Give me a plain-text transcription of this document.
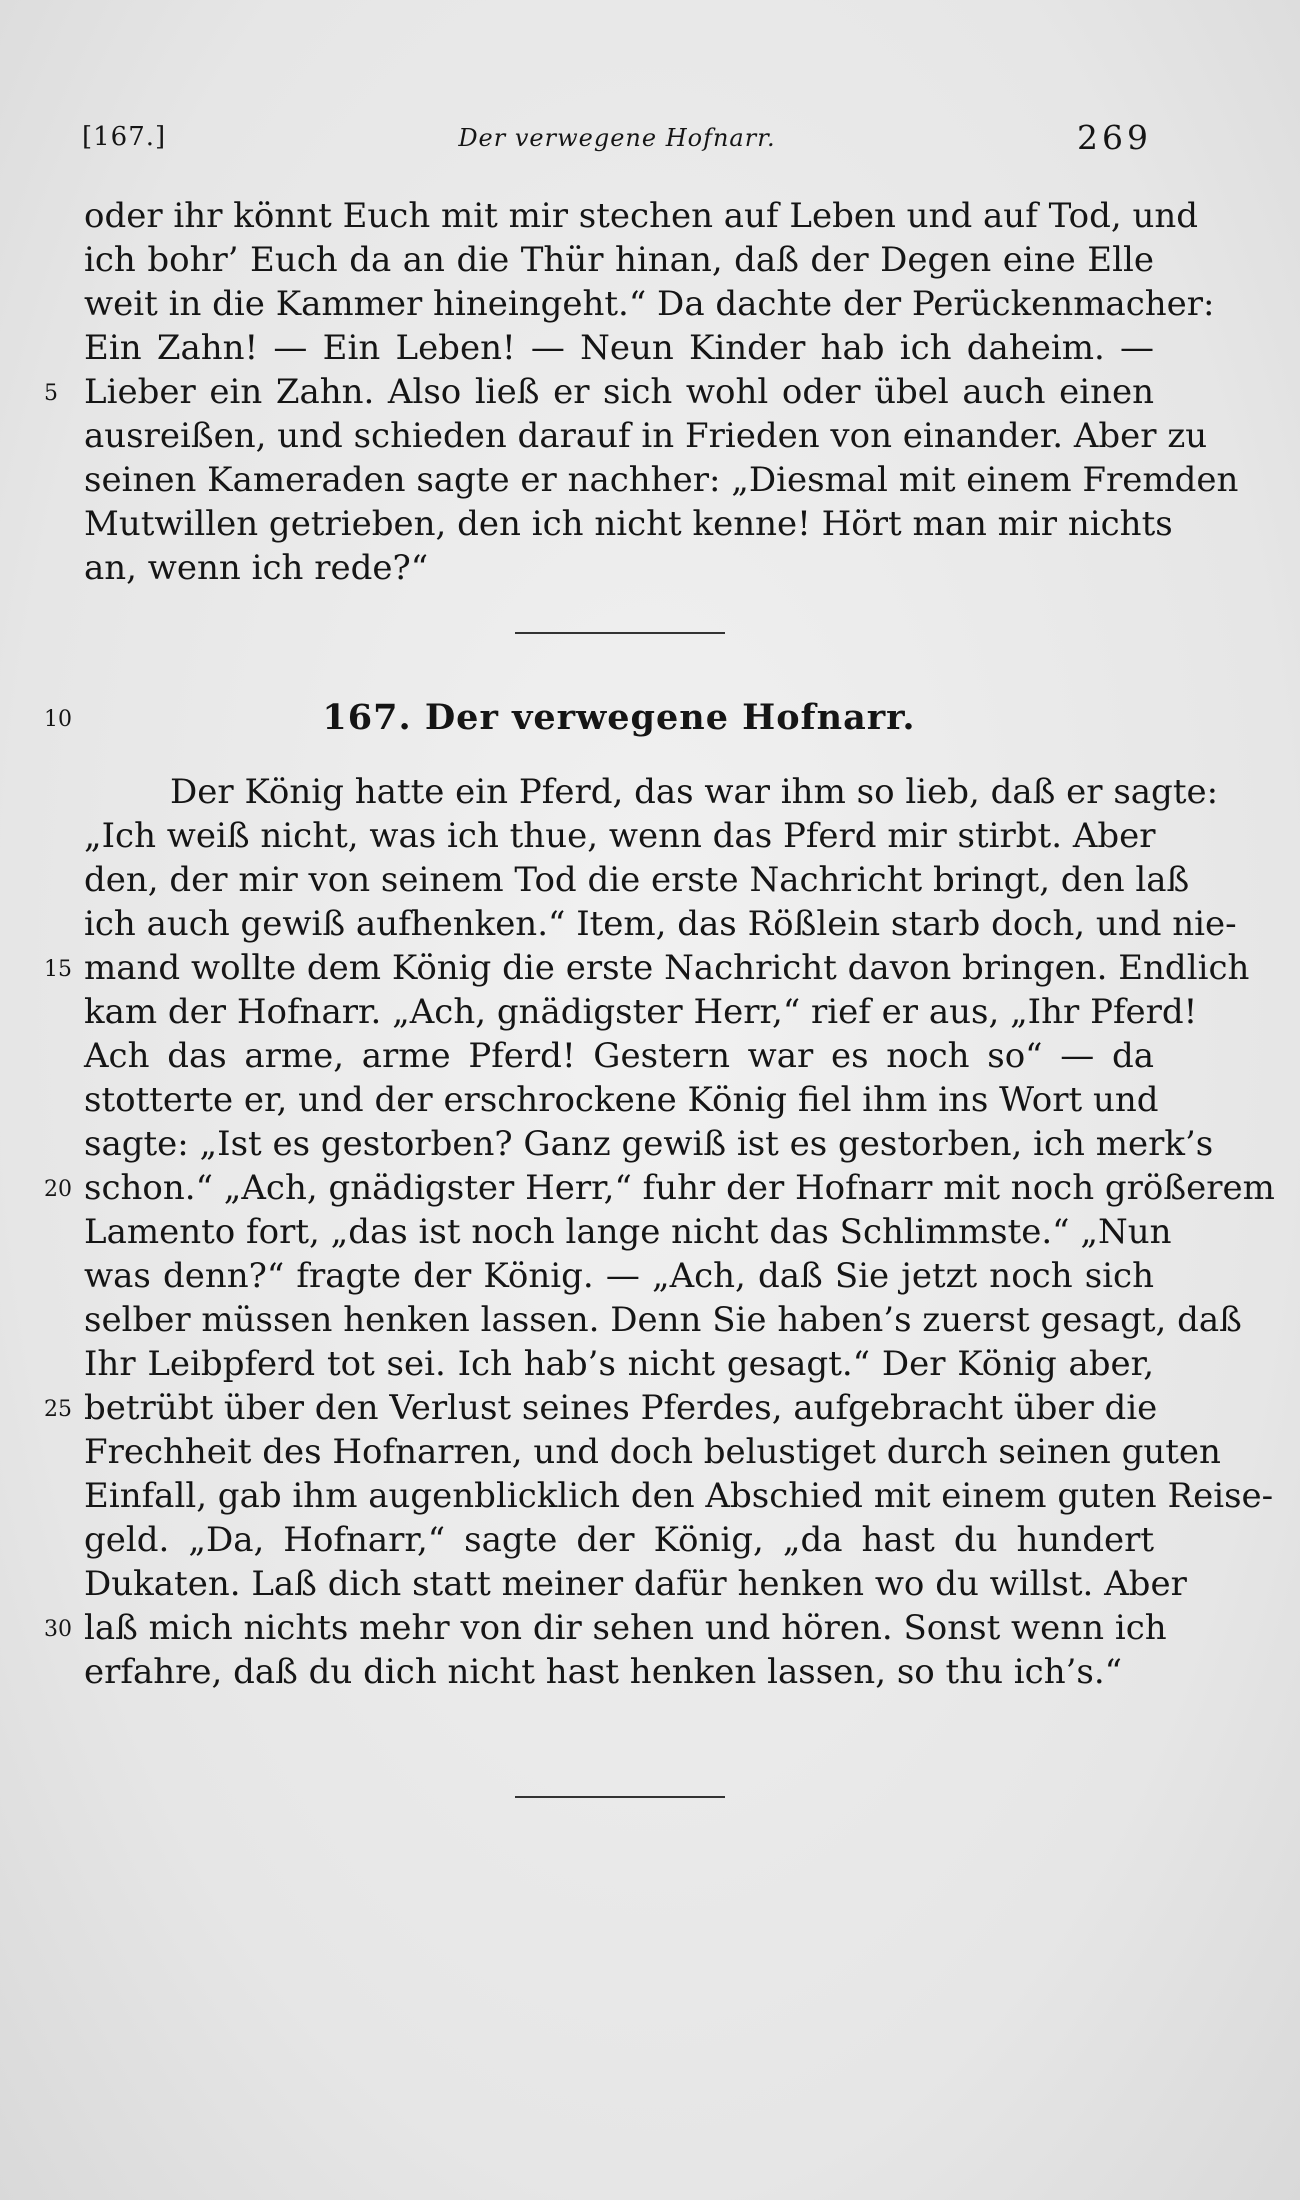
[167.]	Der verwegene Hofnarr.	269
oder ihr könnt Euch mit mir stechen auf Leben und auf Tod, und
ich bohr’ Euch da an die Thür hinan, daß der Degen eine Elle
weit in die Kammer hineingeht.“ Da dachte der Perückenmacher:
Ein Zahn! — Ein Leben! — Neun Kinder hab ich daheim. —
5 Lieber ein Zahn. Also ließ er sich wohl oder übel auch einen
ausreißen, und schieden darauf in Frieden von einander. Aber zu
seinen Kameraden sagte er nachher: „Diesmal mit einem Fremden
Mutwillen getrieben, den ich nicht kenne! Hört man mir nichts
an, wenn ich rede?“
10	167. Der verwegene Hofnarr.
Der König hatte ein Pferd, das war ihm so lieb, daß er sagte:
„Ich weiß nicht, was ich thue, wenn das Pferd mir stirbt. Aber
den, der mir von seinem Tod die erste Nachricht bringt, den laß
ich auch gewiß aufhenken.“ Item, das Rößlein starb doch, und nie-
15 mand wollte dem König die erste Nachricht davon bringen. Endlich
kam der Hofnarr. „Ach, gnädigster Herr,“ rief er aus, „Ihr Pferd!
Ach das arme, arme Pferd! Gestern war es noch so“ — da
stotterte er, und der erschrockene König fiel ihm ins Wort und
sagte: „Ist es gestorben? Ganz gewiß ist es gestorben, ich merk’s
20 schon.“ „Ach, gnädigster Herr,“ fuhr der Hofnarr mit noch größerem
Lamento fort, „das ist noch lange nicht das Schlimmste.“ „Nun
was denn?“ fragte der König. — „Ach, daß Sie jetzt noch sich
selber müssen henken lassen. Denn Sie haben’s zuerst gesagt, daß
Ihr Leibpferd tot sei. Ich hab’s nicht gesagt.“ Der König aber,
25 betrübt über den Verlust seines Pferdes, aufgebracht über die
Frechheit des Hofnarren, und doch belustiget durch seinen guten
Einfall, gab ihm augenblicklich den Abschied mit einem guten Reise-
geld. „Da, Hofnarr,“ sagte der König, „da hast du hundert
Dukaten. Laß dich statt meiner dafür henken wo du willst. Aber
30 laß mich nichts mehr von dir sehen und hören. Sonst wenn ich
erfahre, daß du dich nicht hast henken lassen, so thu ich’s.“
